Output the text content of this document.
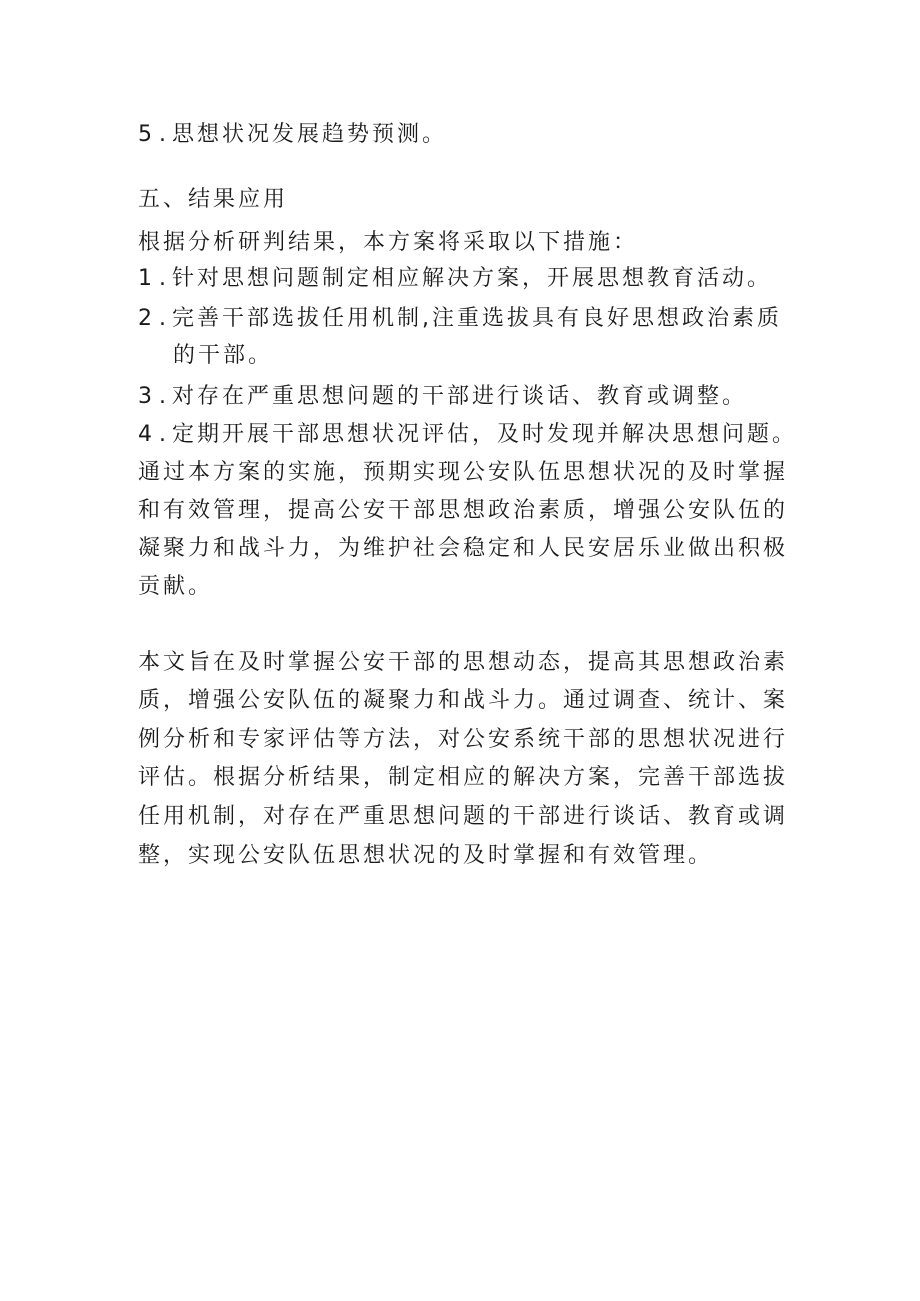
5 . 思想状况发展趋势预测。
五、结果应用
根据分析研判结果，本方案将采取以下措施：
1 . 针对思想问题制定相应解决方案，开展思想教育活动。
2 . 完善干部选拔任用机制,注重选拔具有良好思想政治素质
的干部。
3 . 对存在严重思想问题的干部进行谈话、教育或调整。
4 . 定期开展干部思想状况评估，及时发现并解决思想问题。
通过本方案的实施，预期实现公安队伍思想状况的及时掌握
和有效管理，提高公安干部思想政治素质，增强公安队伍的
凝聚力和战斗力，为维护社会稳定和人民安居乐业做出积极
贡献。
本文旨在及时掌握公安干部的思想动态，提高其思想政治素
质，增强公安队伍的凝聚力和战斗力。通过调查、统计、案
例分析和专家评估等方法，对公安系统干部的思想状况进行
评估。根据分析结果，制定相应的解决方案，完善干部选拔
任用机制，对存在严重思想问题的干部进行谈话、教育或调
整，实现公安队伍思想状况的及时掌握和有效管理。
